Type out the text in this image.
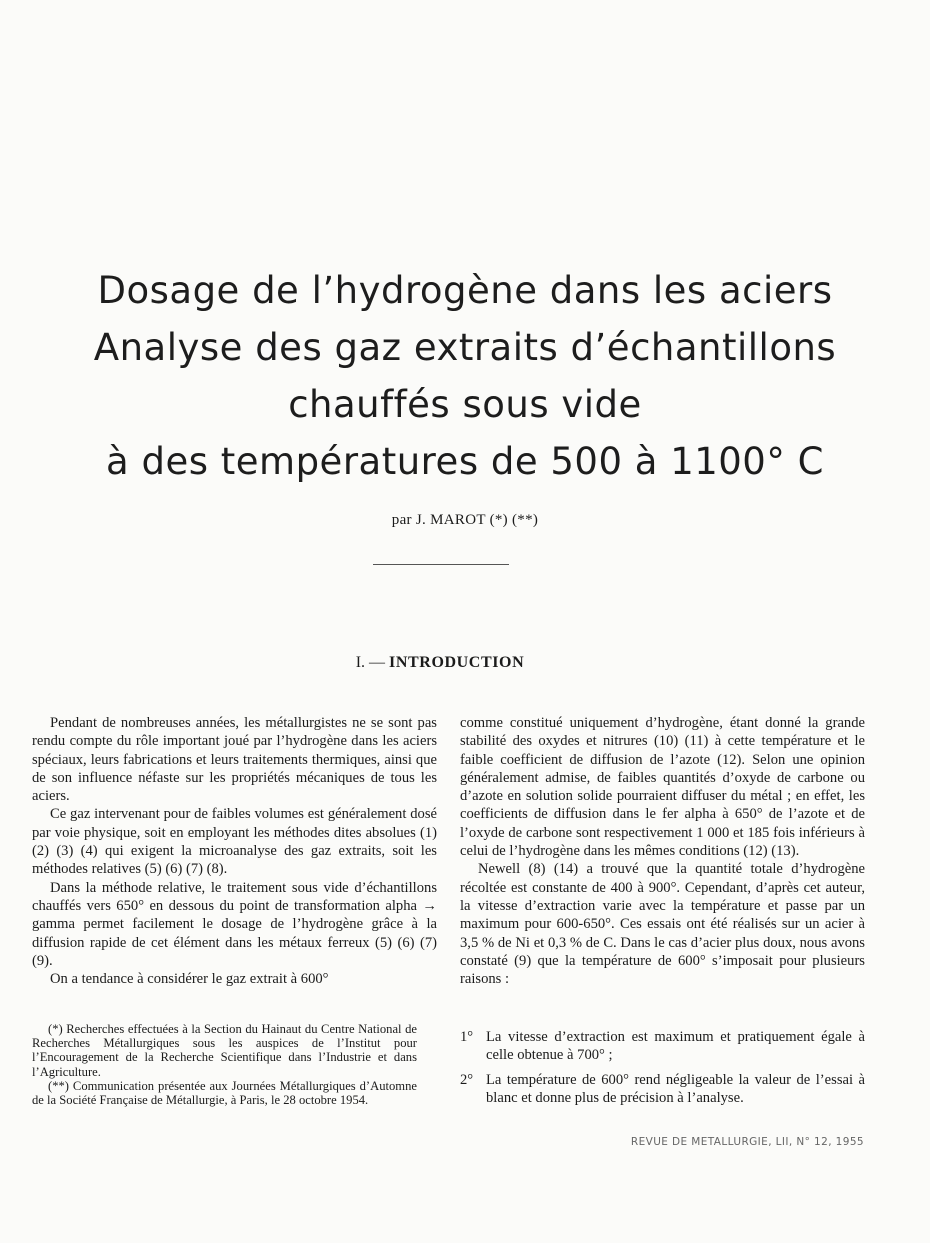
Dosage de l’hydrogène dans les aciers
Analyse des gaz extraits d’échantillons
chauffés sous vide
à des températures de 500 à 1100° C
par J. MAROT (*) (**)
I. — INTRODUCTION

Pendant de nombreuses années, les métallurgistes ne se sont pas rendu compte du rôle important joué par l’hydrogène dans les aciers spéciaux, leurs fabrications et leurs traitements thermiques, ainsi que de son influence néfaste sur les propriétés mécaniques de tous les aciers.

Ce gaz intervenant pour de faibles volumes est généralement dosé par voie physique, soit en employant les méthodes dites absolues (1) (2) (3) (4) qui exigent la microanalyse des gaz extraits, soit les méthodes relatives (5) (6) (7) (8).

Dans la méthode relative, le traitement sous vide d’échantillons chauffés vers 650° en dessous du point de transformation alpha → gamma permet facilement le dosage de l’hydrogène grâce à la diffusion rapide de cet élément dans les métaux ferreux (5) (6) (7) (9).

On a tendance à considérer le gaz extrait à 600°

(*) Recherches effectuées à la Section du Hainaut du Centre National de Recherches Métallurgiques sous les auspices de l’Institut pour l’Encouragement de la Recherche Scientifique dans l’Industrie et dans l’Agriculture.

(**) Communication présentée aux Journées Métallurgiques d’Automne de la Société Française de Métallurgie, à Paris, le 28 octobre 1954.

comme constitué uniquement d’hydrogène, étant donné la grande stabilité des oxydes et nitrures (10) (11) à cette température et le faible coefficient de diffusion de l’azote (12). Selon une opinion généralement admise, de faibles quantités d’oxyde de carbone ou d’azote en solution solide pourraient diffuser du métal ; en effet, les coefficients de diffusion dans le fer alpha à 650° de l’azote et de l’oxyde de carbone sont respectivement 1 000 et 185 fois inférieurs à celui de l’hydrogène dans les mêmes conditions (12) (13).

Newell (8) (14) a trouvé que la quantité totale d’hydrogène récoltée est constante de 400 à 900°. Cependant, d’après cet auteur, la vitesse d’extraction varie avec la température et passe par un maximum pour 600-650°. Ces essais ont été réalisés sur un acier à 3,5 % de Ni et 0,3 % de C. Dans le cas d’acier plus doux, nous avons constaté (9) que la température de 600° s’imposait pour plusieurs raisons :

1° La vitesse d’extraction est maximum et pratiquement égale à celle obtenue à 700° ;
2° La température de 600° rend négligeable la valeur de l’essai à blanc et donne plus de précision à l’analyse.
REVUE DE METALLURGIE, LII, N° 12, 1955
